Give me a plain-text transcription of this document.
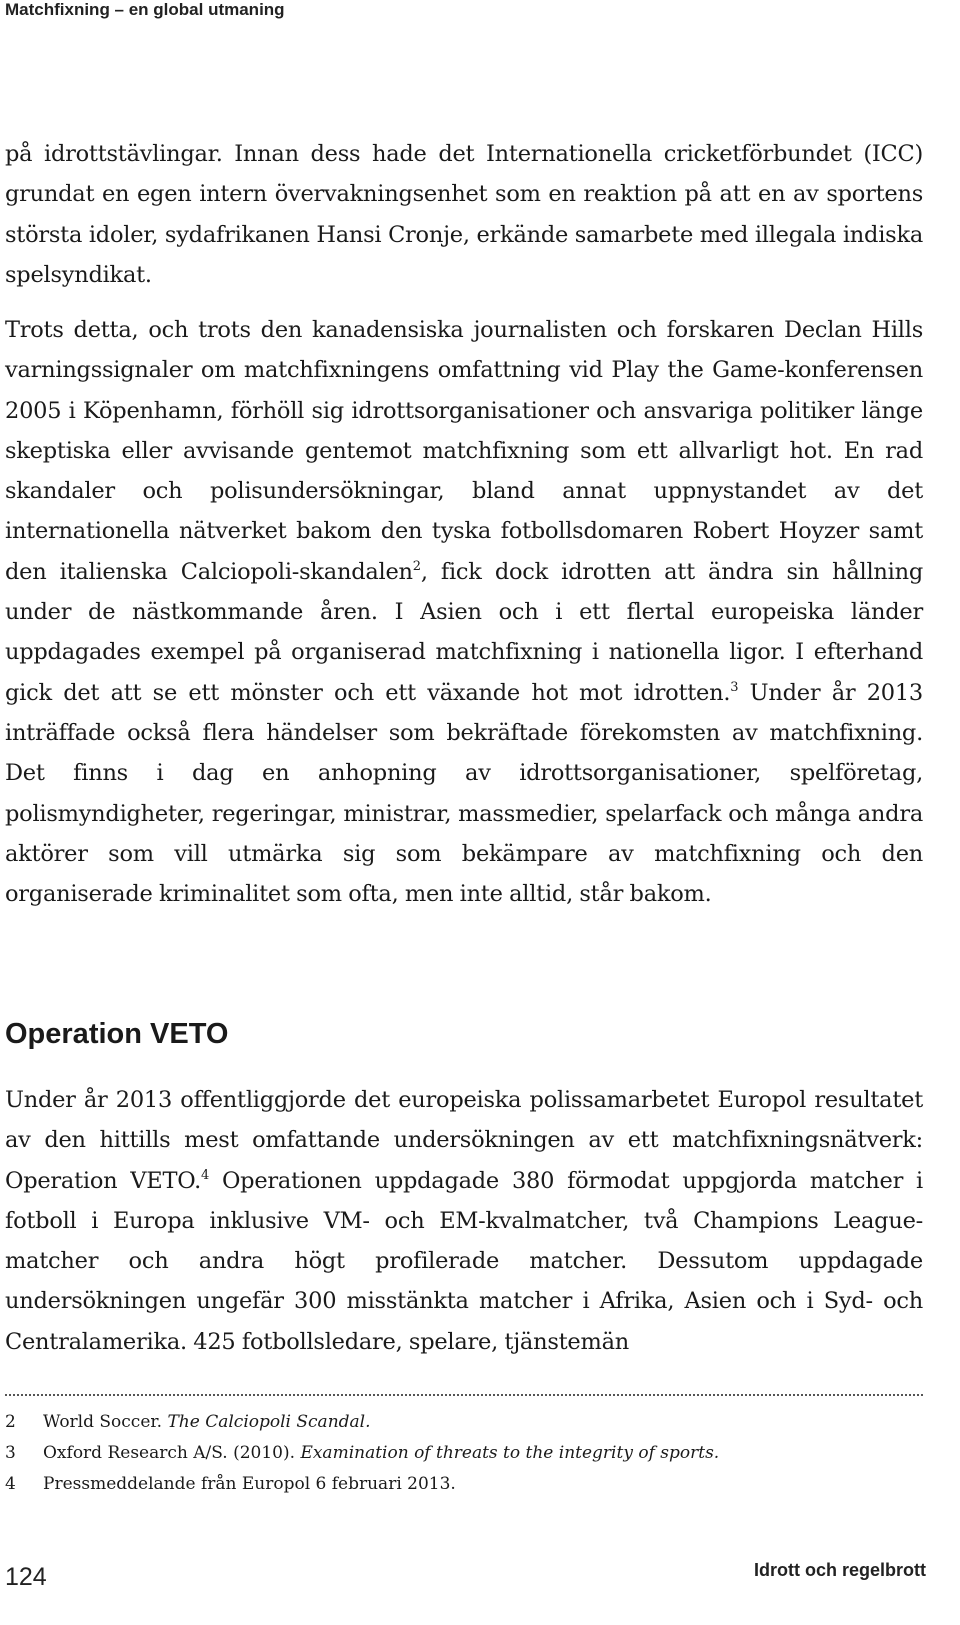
Matchfixning – en global utmaning

på idrottstävlingar. Innan dess hade det Internationella cricketförbundet (ICC) grundat en egen intern övervakningsenhet som en reaktion på att en av sportens största idoler, sydafrikanen Hansi Cronje, erkände samarbete med illegala indiska spelsyndikat.

Trots detta, och trots den kanadensiska journalisten och forskaren Declan Hills varningssignaler om matchfixningens omfattning vid Play the Game-konferensen 2005 i Köpenhamn, förhöll sig idrottsorganisationer och ansvariga politiker länge skeptiska eller avvisande gentemot matchfixning som ett allvarligt hot. En rad skandaler och polisundersökningar, bland annat uppnystandet av det internationella nätverket bakom den tyska fotbollsdomaren Robert Hoyzer samt den italienska Calciopoli-skandalen$^2$, fick dock idrotten att ändra sin hållning under de nästkommande åren. I Asien och i ett flertal europeiska länder uppdagades exempel på organiserad matchfixning i nationella ligor. I efterhand gick det att se ett mönster och ett växande hot mot idrotten.$^3$ Under år 2013 inträffade också flera händelser som bekräftade förekomsten av matchfixning. Det finns i dag en anhopning av idrottsorganisationer, spelföretag, polismyndigheter, regeringar, ministrar, massmedier, spelarfack och många andra aktörer som vill utmärka sig som bekämpare av matchfixning och den organiserade kriminalitet som ofta, men inte alltid, står bakom.

Operation VETO

Under år 2013 offentliggjorde det europeiska polissamarbetet Europol resultatet av den hittills mest omfattande undersökningen av ett matchfixningsnätverk: Operation VETO.$^4$ Operationen uppdagade 380 förmodat uppgjorda matcher i fotboll i Europa inklusive VM- och EM-kvalmatcher, två Champions League-matcher och andra högt profilerade matcher. Dessutom uppdagade undersökningen ungefär 300 misstänkta matcher i Afrika, Asien och i Syd- och Centralamerika. 425 fotbollsledare, spelare, tjänstemän

2	World Soccer. The Calciopoli Scandal.
3	Oxford Research A/S. (2010). Examination of threats to the integrity of sports.
4	Pressmeddelande från Europol 6 februari 2013.
124	Idrott och regelbrott
